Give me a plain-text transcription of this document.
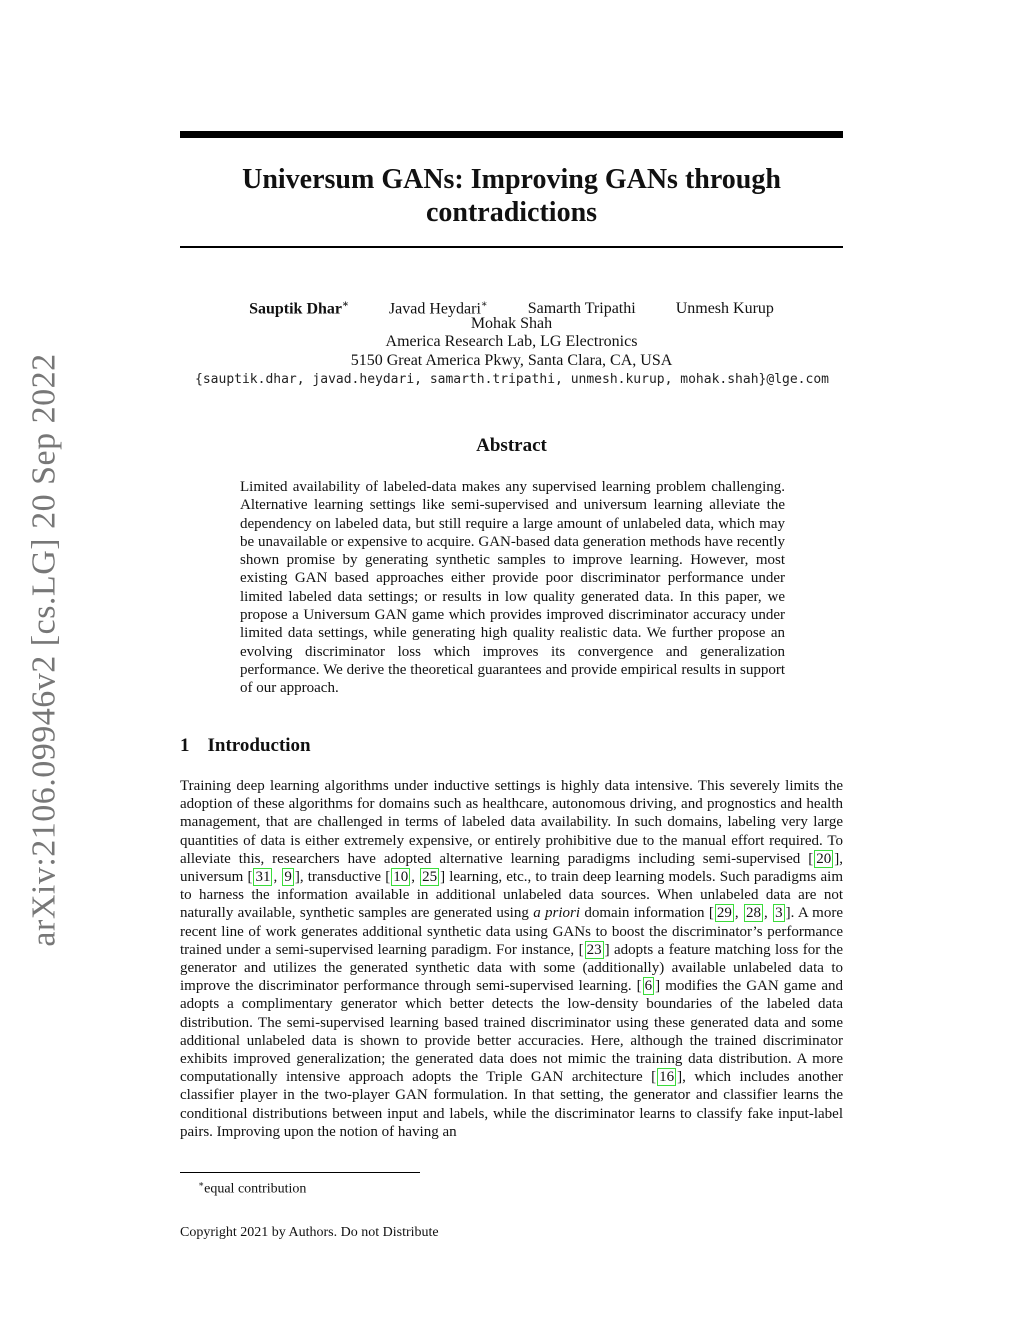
arXiv:2106.09946v2 [cs.LG] 20 Sep 2022
Universum GANs: Improving GANs through contradictions
Sauptik Dhar∗	Javad Heydari∗	Samarth Tripathi	Unmesh Kurup
Mohak Shah
America Research Lab, LG Electronics
5150 Great America Pkwy, Santa Clara, CA, USA
{sauptik.dhar, javad.heydari, samarth.tripathi, unmesh.kurup, mohak.shah}@lge.com
Abstract

Limited availability of labeled-data makes any supervised learning problem challenging. Alternative learning settings like semi-supervised and universum learning alleviate the dependency on labeled data, but still require a large amount of unlabeled data, which may be unavailable or expensive to acquire. GAN-based data generation methods have recently shown promise by generating synthetic samples to improve learning. However, most existing GAN based approaches either provide poor discriminator performance under limited labeled data settings; or results in low quality generated data. In this paper, we propose a Universum GAN game which provides improved discriminator accuracy under limited data settings, while generating high quality realistic data. We further propose an evolving discriminator loss which improves its convergence and generalization performance. We derive the theoretical guarantees and provide empirical results in support of our approach.

1 Introduction

Training deep learning algorithms under inductive settings is highly data intensive. This severely limits the adoption of these algorithms for domains such as healthcare, autonomous driving, and prognostics and health management, that are challenged in terms of labeled data availability. In such domains, labeling very large quantities of data is either extremely expensive, or entirely prohibitive due to the manual effort required. To alleviate this, researchers have adopted alternative learning paradigms including semi-supervised [ 20 ], universum [ 31 , 9 ], transductive [ 10 , 25 ] learning, etc., to train deep learning models. Such paradigms aim to harness the information available in additional unlabeled data sources. When unlabeled data are not naturally available, synthetic samples are generated using a priori domain information [ 29 , 28 , 3 ]. A more recent line of work generates additional synthetic data using GANs to boost the discriminator’s performance trained under a semi-supervised learning paradigm. For instance, [ 23 ] adopts a feature matching loss for the generator and utilizes the generated synthetic data with some (additionally) available unlabeled data to improve the discriminator performance through semi-supervised learning. [ 6 ] modifies the GAN game and adopts a complimentary generator which better detects the low-density boundaries of the labeled data distribution. The semi-supervised learning based trained discriminator using these generated data and some additional unlabeled data is shown to provide better accuracies. Here, although the trained discriminator exhibits improved generalization; the generated data does not mimic the training data distribution. A more computationally intensive approach adopts the Triple GAN architecture [ 16 ], which includes another classifier player in the two-player GAN formulation. In that setting, the generator and classifier learns the conditional distributions between input and labels, while the discriminator learns to classify fake input-label pairs. Improving upon the notion of having an

∗equal contribution
Copyright 2021 by Authors. Do not Distribute
